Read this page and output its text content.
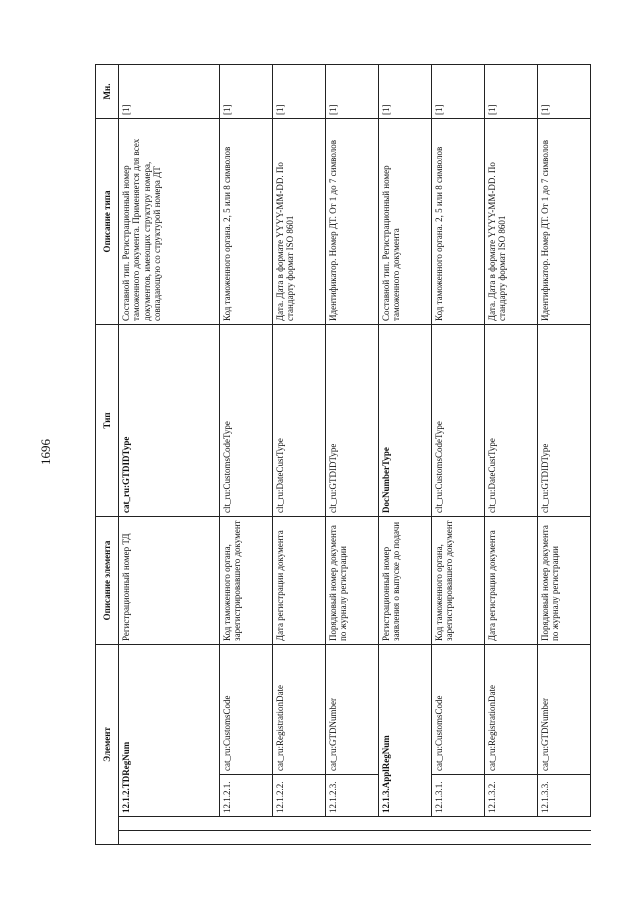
1696
Элемент				Описание элемента	Тип	Описание типа	Мн.
		12.1.2.TDRegNum		Регистрационный номер ТД	cat_ru:GTDIDType	Составной тип. Регистрационный номер таможенного документа. Применяется для всех документов, имеющих структуру номера, совпадающую со структурой номера ДТ	[1]
		12.1.2.1.	cat_ru:CustomsCode	Код таможенного органа, зарегистрировавшего документ	clt_ru:CustomsCodeType	Код таможенного органа. 2, 5 или 8 символов	[1]
		12.1.2.2.	cat_ru:RegistrationDate	Дата регистрации документа	clt_ru:DateCustType	Дата. Дата в формате YYYY-MM-DD. По стандарту формат ISO 8601	[1]
		12.1.2.3.	cat_ru:GTDNumber	Порядковый номер документа по журналу регистрации	clt_ru:GTDIDType	Идентификатор. Номер ДТ. От 1 до 7 символов	[1]
		12.1.3.ApplRegNum		Регистрационный номер заявления о выпуске до подачи	DocNumberType	Составной тип. Регистрационный номер таможенного документа	[1]
		12.1.3.1.	cat_ru:CustomsCode	Код таможенного органа, зарегистрировавшего документ	clt_ru:CustomsCodeType	Код таможенного органа. 2, 5 или 8 символов	[1]
		12.1.3.2.	cat_ru:RegistrationDate	Дата регистрации документа	clt_ru:DateCustType	Дата. Дата в формате YYYY-MM-DD. По стандарту формат ISO 8601	[1]
		12.1.3.3.	cat_ru:GTDNumber	Порядковый номер документа по журналу регистрации	clt_ru:GTDIDType	Идентификатор. Номер ДТ. От 1 до 7 символов	[1]
